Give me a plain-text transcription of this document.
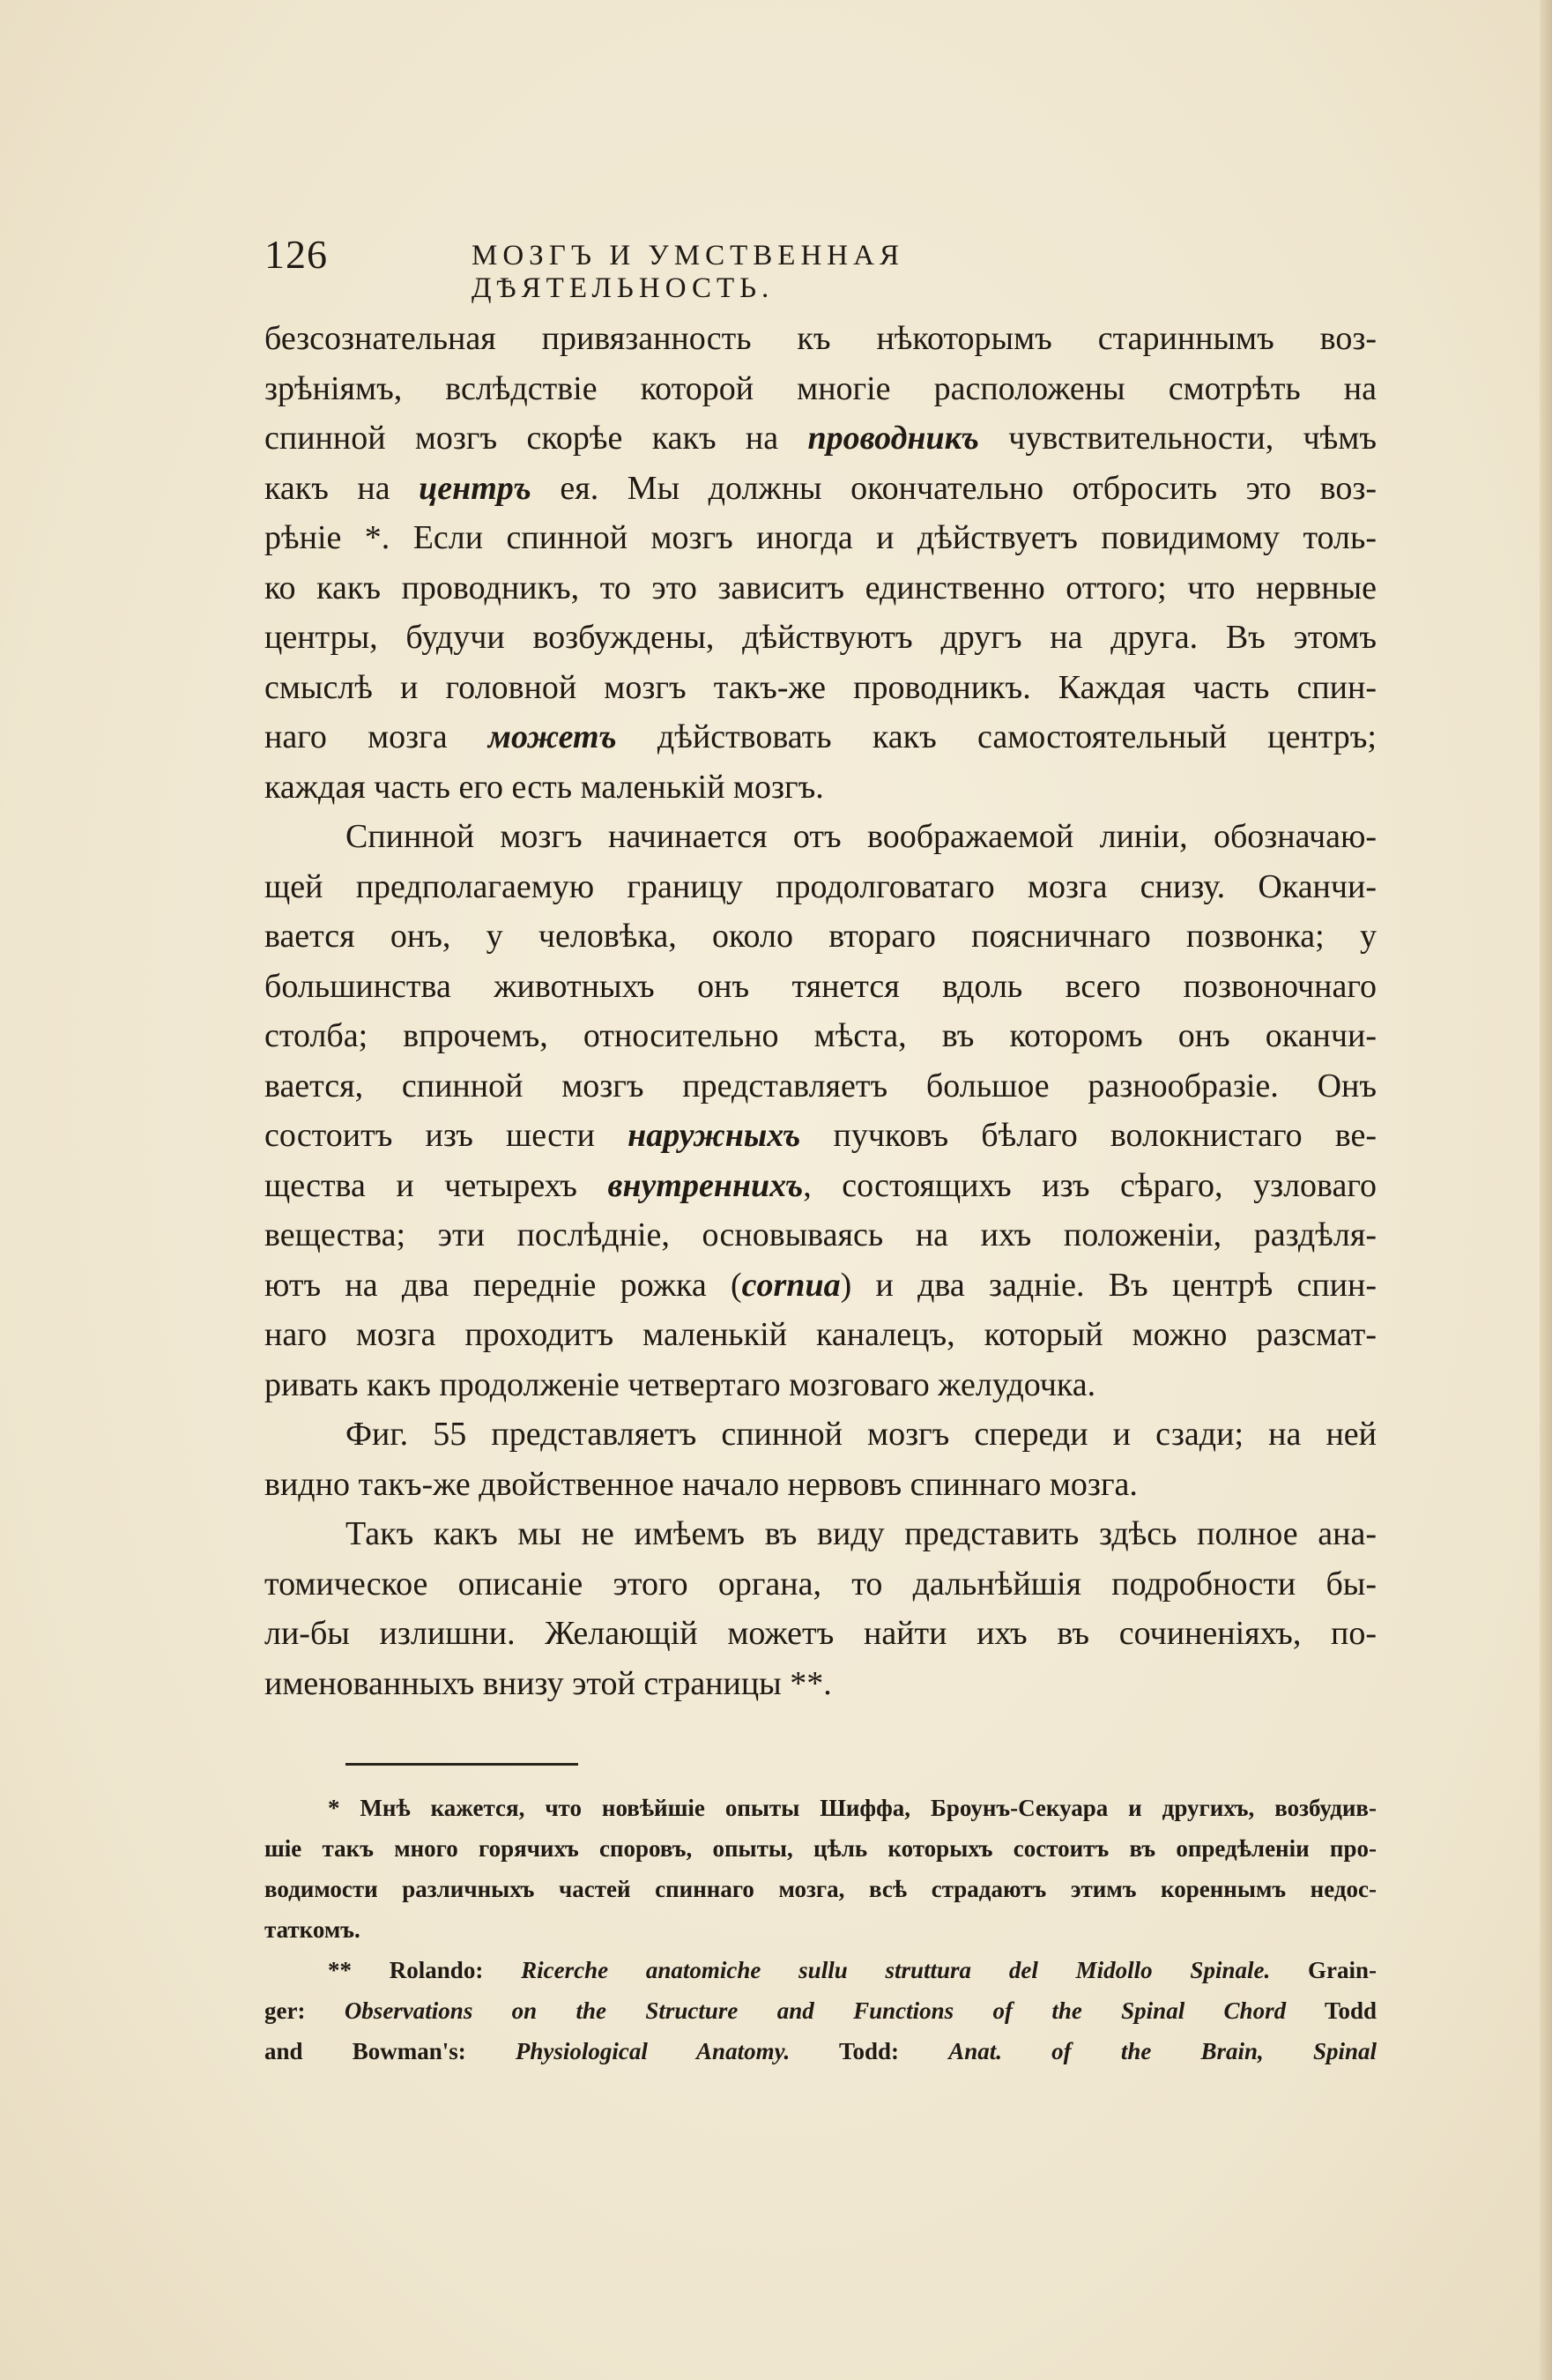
126	МОЗГЪ И УМСТВЕННАЯ ДѢЯТЕЛЬНОСТЬ.
безсознательная привязанность къ нѣкоторымъ стариннымъ воз-
зрѣніямъ, вслѣдствіе которой многіе расположены смотрѣть на
спинной мозгъ скорѣе какъ на проводникъ чувствительности, чѣмъ
какъ на центръ ея. Мы должны окончательно отбросить это воз-
рѣніе *. Если спинной мозгъ иногда и дѣйствуетъ повидимому толь-
ко какъ проводникъ, то это зависитъ единственно оттого; что нервные
центры, будучи возбуждены, дѣйствуютъ другъ на друга. Въ этомъ
смыслѣ и головной мозгъ такъ-же проводникъ. Каждая часть спин-
наго мозга можетъ дѣйствовать какъ самостоятельный центръ;
каждая часть его есть маленькій мозгъ.
Спинной мозгъ начинается отъ воображаемой линіи, обозначаю-
щей предполагаемую границу продолговатаго мозга снизу. Оканчи-
вается онъ, у человѣка, около втораго поясничнаго позвонка; у
большинства животныхъ онъ тянется вдоль всего позвоночнаго
столба; впрочемъ, относительно мѣста, въ которомъ онъ оканчи-
вается, спинной мозгъ представляетъ большое разнообразіе. Онъ
состоитъ изъ шести наружныхъ пучковъ бѣлаго волокнистаго ве-
щества и четырехъ внутреннихъ, состоящихъ изъ сѣраго, узловаго
вещества; эти послѣдніе, основываясь на ихъ положеніи, раздѣля-
ютъ на два передніе рожка (cornua) и два задніе. Въ центрѣ спин-
наго мозга проходитъ маленькій каналецъ, который можно разсмат-
ривать какъ продолженіе четвертаго мозговаго желудочка.
Фиг. 55 представляетъ спинной мозгъ спереди и сзади; на ней
видно такъ-же двойственное начало нервовъ спиннаго мозга.
Такъ какъ мы не имѣемъ въ виду представить здѣсь полное ана-
томическое описаніе этого органа, то дальнѣйшія подробности бы-
ли-бы излишни. Желающій можетъ найти ихъ въ сочиненіяхъ, по-
именованныхъ внизу этой страницы **.
* Мнѣ кажется, что новѣйшіе опыты Шиффа, Броунъ-Секуара и другихъ, возбудив-
шіе такъ много горячихъ споровъ, опыты, цѣль которыхъ состоитъ въ опредѣленіи про-
водимости различныхъ частей спиннаго мозга, всѣ страдаютъ этимъ кореннымъ недос-
таткомъ.
** Rolando: Ricerche anatomiche sullu struttura del Midollo Spinale. Grain-
ger: Observations on the Structure and Functions of the Spinal Chord Todd
and Bowman's: Physiological Anatomy. Todd: Anat. of the Brain, Spinal
